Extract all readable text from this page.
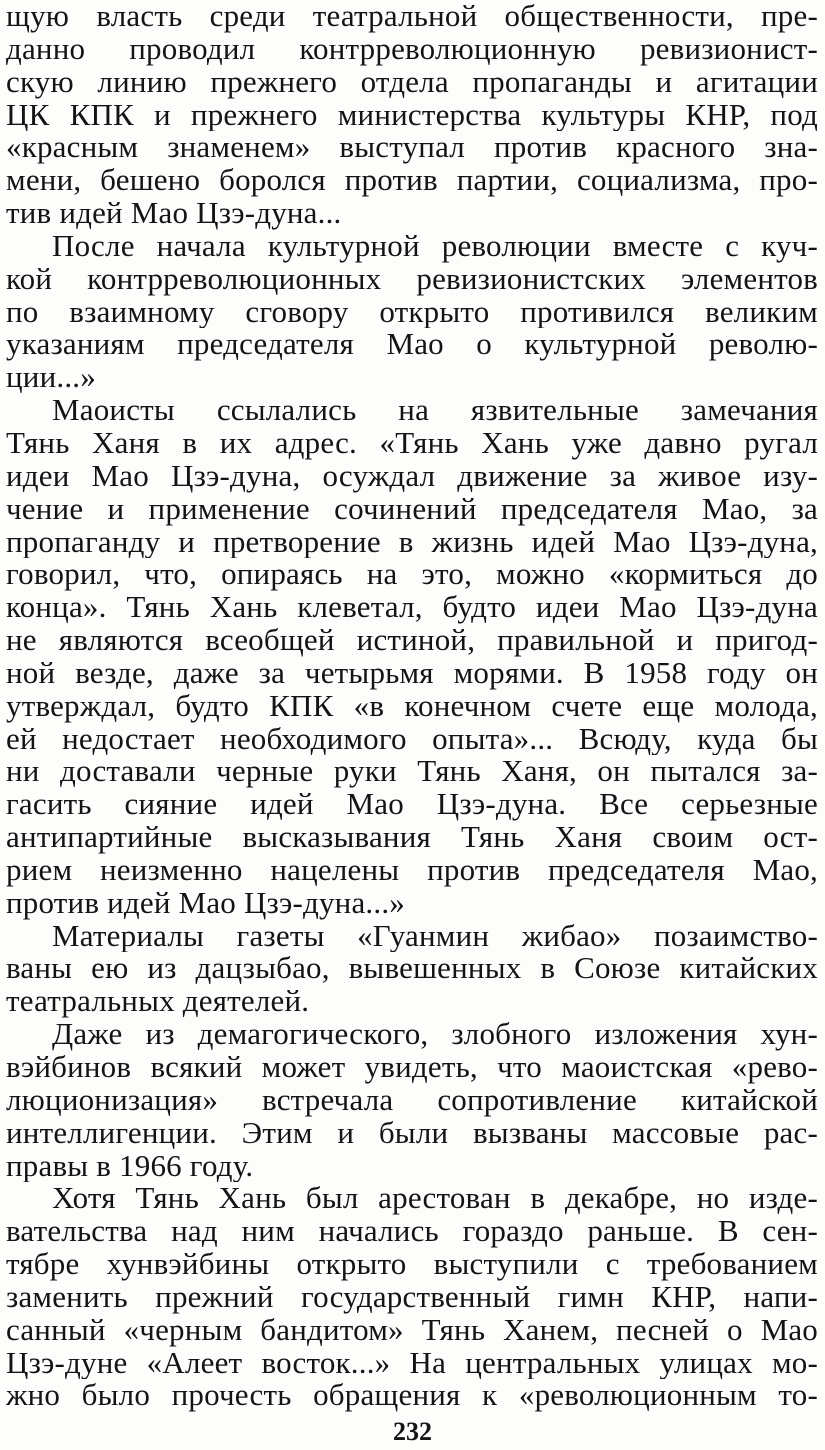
щую власть среди театральной общественности, пре-
данно проводил контрреволюционную ревизионист-
скую линию прежнего отдела пропаганды и агитации
ЦК КПК и прежнего министерства культуры КНР, под
«красным знаменем» выступал против красного зна-
мени, бешено боролся против партии, социализма, про-
тив идей Мао Цзэ-дуна...
После начала культурной революции вместе с куч-
кой контрреволюционных ревизионистских элементов
по взаимному сговору открыто противился великим
указаниям председателя Мао о культурной револю-
ции...»
Маоисты ссылались на язвительные замечания
Тянь Ханя в их адрес. «Тянь Хань уже давно ругал
идеи Мао Цзэ-дуна, осуждал движение за живое изу-
чение и применение сочинений председателя Мао, за
пропаганду и претворение в жизнь идей Мао Цзэ-дуна,
говорил, что, опираясь на это, можно «кормиться до
конца». Тянь Хань клеветал, будто идеи Мао Цзэ-дуна
не являются всеобщей истиной, правильной и пригод-
ной везде, даже за четырьмя морями. В 1958 году он
утверждал, будто КПК «в конечном счете еще молода,
ей недостает необходимого опыта»... Всюду, куда бы
ни доставали черные руки Тянь Ханя, он пытался за-
гасить сияние идей Мао Цзэ-дуна. Все серьезные
антипартийные высказывания Тянь Ханя своим ост-
рием неизменно нацелены против председателя Мао,
против идей Мао Цзэ-дуна...»
Материалы газеты «Гуанмин жибао» позаимство-
ваны ею из дацзыбао, вывешенных в Союзе китайских
театральных деятелей.
Даже из демагогического, злобного изложения хун-
вэйбинов всякий может увидеть, что маоистская «рево-
люционизация» встречала сопротивление китайской
интеллигенции. Этим и были вызваны массовые рас-
правы в 1966 году.
Хотя Тянь Хань был арестован в декабре, но изде-
вательства над ним начались гораздо раньше. В сен-
тябре хунвэйбины открыто выступили с требованием
заменить прежний государственный гимн КНР, напи-
санный «черным бандитом» Тянь Ханем, песней о Мао
Цзэ-дуне «Алеет восток...» На центральных улицах мо-
жно было прочесть обращения к «революционным то-
232
